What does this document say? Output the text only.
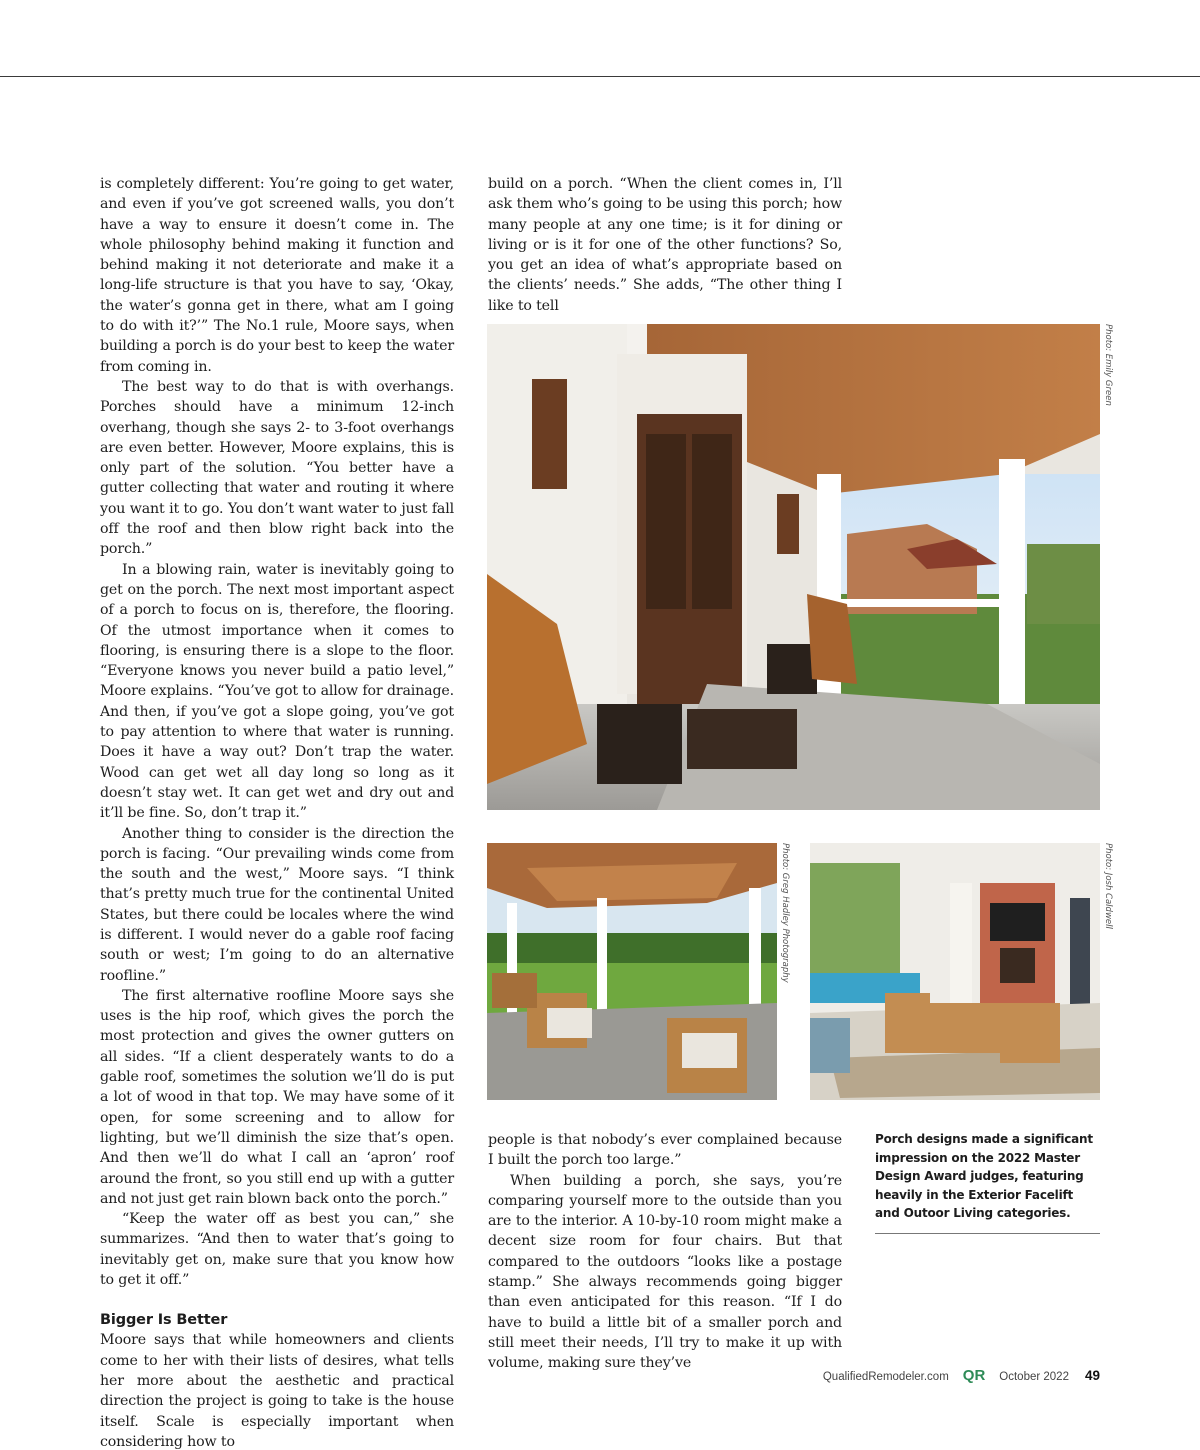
is completely different: You’re going to get water, and even if you’ve got screened walls, you don’t have a way to ensure it doesn’t come in. The whole philosophy behind making it function and behind making it not deteriorate and make it a long-life structure is that you have to say, ‘Okay, the water’s gonna get in there, what am I going to do with it?’” The No.1 rule, Moore says, when building a porch is do your best to keep the water from coming in.

The best way to do that is with overhangs. Porches should have a minimum 12-inch overhang, though she says 2- to 3-foot overhangs are even better. However, Moore explains, this is only part of the solution. “You better have a gutter collecting that water and routing it where you want it to go. You don’t want water to just fall off the roof and then blow right back into the porch.”

In a blowing rain, water is inevitably going to get on the porch. The next most important aspect of a porch to focus on is, therefore, the flooring. Of the utmost importance when it comes to flooring, is ensuring there is a slope to the floor. “Everyone knows you never build a patio level,” Moore explains. “You’ve got to allow for drainage. And then, if you’ve got a slope going, you’ve got to pay attention to where that water is running. Does it have a way out? Don’t trap the water. Wood can get wet all day long so long as it doesn’t stay wet. It can get wet and dry out and it’ll be fine. So, don’t trap it.”

Another thing to consider is the direction the porch is facing. “Our prevailing winds come from the south and the west,” Moore says. “I think that’s pretty much true for the continental United States, but there could be locales where the wind is different. I would never do a gable roof facing south or west; I’m going to do an alternative roofline.”

The first alternative roofline Moore says she uses is the hip roof, which gives the porch the most protection and gives the owner gutters on all sides. “If a client desperately wants to do a gable roof, sometimes the solution we’ll do is put a lot of wood in that top. We may have some of it open, for some screening and to allow for lighting, but we’ll diminish the size that’s open. And then we’ll do what I call an ‘apron’ roof around the front, so you still end up with a gutter and not just get rain blown back onto the porch.”

“Keep the water off as best you can,” she summarizes. “And then to water that’s going to inevitably get on, make sure that you know how to get it off.”

Bigger Is Better

Moore says that while homeowners and clients come to her with their lists of desires, what tells her more about the aesthetic and practical direction the project is going to take is the house itself. Scale is especially important when considering how to

build on a porch. “When the client comes in, I’ll ask them who’s going to be using this porch; how many people at any one time; is it for dining or living or is it for one of the other functions? So, you get an idea of what’s appropriate based on the clients’ needs.” She adds, “The other thing I like to tell

Photo: Emily Green
Photo: Greg Hadley Photography	Photo: Josh Caldwell

people is that nobody’s ever complained because I built the porch too large.”

When building a porch, she says, you’re comparing yourself more to the outside than you are to the interior. A 10-by-10 room might make a decent size room for four chairs. But that compared to the outdoors “looks like a postage stamp.” She always recommends going bigger than even anticipated for this reason. “If I do have to build a little bit of a smaller porch and still meet their needs, I’ll try to make it up with volume, making sure they’ve

Porch designs made a significant impression on the 2022 Master Design Award judges, featuring heavily in the Exterior Facelift and Outoor Living categories.
QualifiedRemodeler.com QR October 2022 49
